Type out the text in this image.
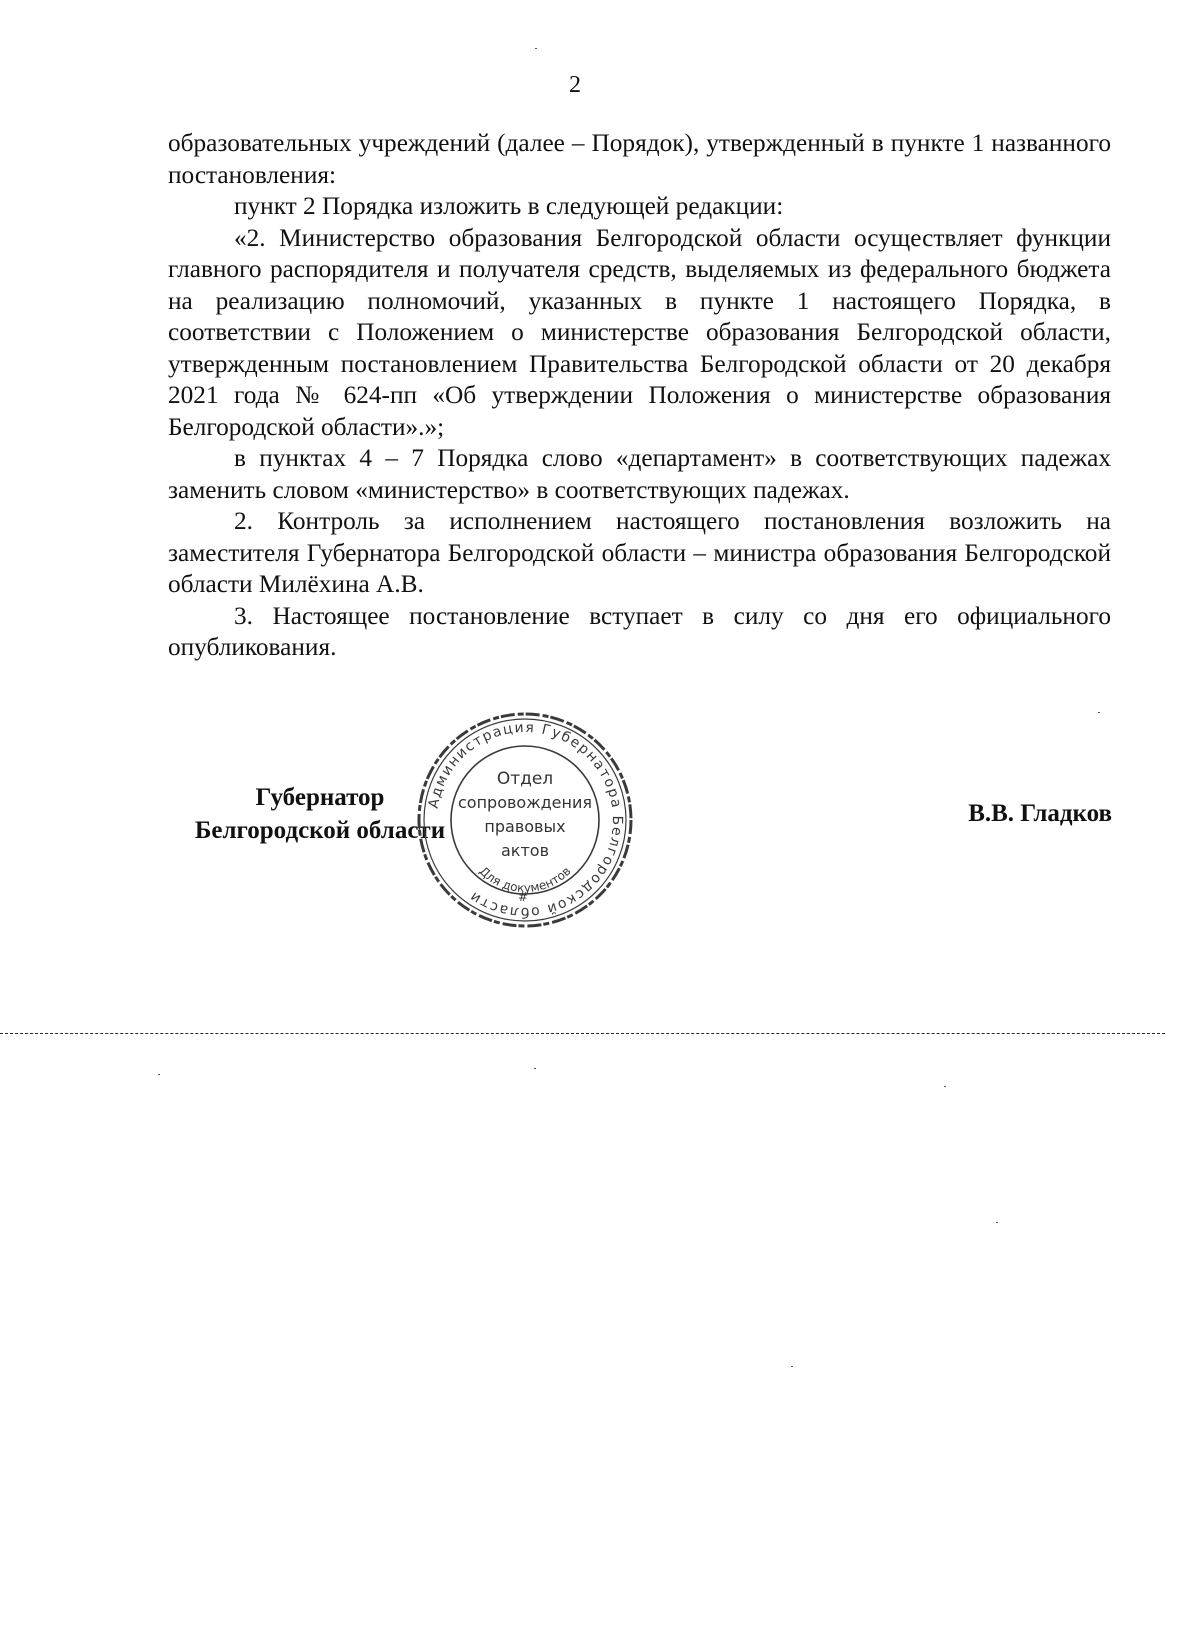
2

образовательных учреждений (далее – Порядок), утвержденный в пункте 1 названного постановления:

пункт 2 Порядка изложить в следующей редакции:

«2. Министерство образования Белгородской области осуществляет функции главного распорядителя и получателя средств, выделяемых из федерального бюджета на реализацию полномочий, указанных в пункте 1 настоящего Порядка, в соответствии с Положением о министерстве образования Белгородской области, утвержденным постановлением Правительства Белгородской области от 20 декабря 2021 года № 624-пп «Об утверждении Положения о министерстве образования Белгородской области».»;

в пунктах 4 – 7 Порядка слово «департамент» в соответствующих падежах заменить словом «министерство» в соответствующих падежах.

2. Контроль за исполнением настоящего постановления возложить на заместителя Губернатора Белгородской области – министра образования Белгородской области Милёхина А.В.

3. Настоящее постановление вступает в силу со дня его официального опубликования.

Губернатор
Белгородской области
Администрация Губернатора Белгородской области
Для документов
#
Отдел
сопровождения
правовых
актов
В.В. Гладков
